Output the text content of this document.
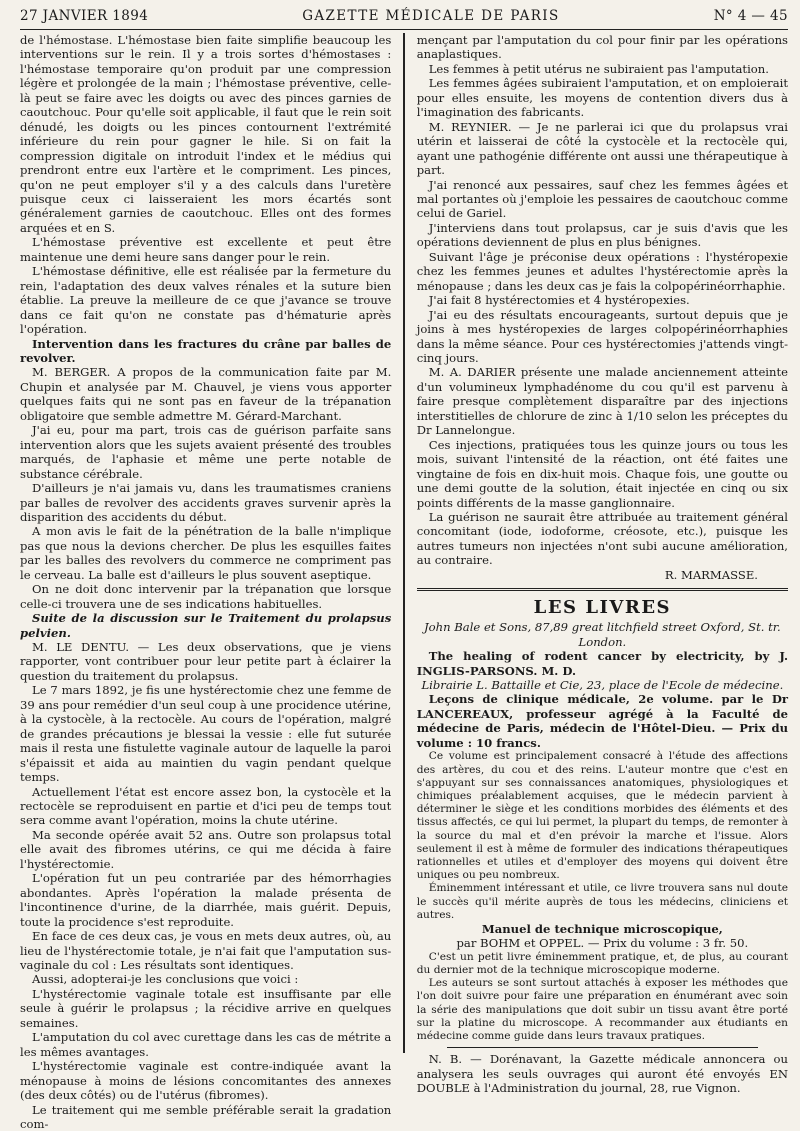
27 JANVIER 1894	GAZETTE MÉDICALE DE PARIS	N° 4 — 45

de l'hémostase. L'hémostase bien faite simplifie beaucoup les interventions sur le rein. Il y a trois sortes d'hémostases : l'hémostase temporaire qu'on produit par une compression légère et prolongée de la main ; l'hémostase préventive, celle-là peut se faire avec les doigts ou avec des pinces garnies de caoutchouc. Pour qu'elle soit applicable, il faut que le rein soit dénudé, les doigts ou les pinces contournent l'extrémité inférieure du rein pour gagner le hile. Si on fait la compression digitale on introduit l'index et le médius qui prendront entre eux l'artère et le compriment. Les pinces, qu'on ne peut employer s'il y a des calculs dans l'uretère puisque ceux ci laisseraient les mors écartés sont généralement garnies de caoutchouc. Elles ont des formes arquées et en S.

L'hémostase préventive est excellente et peut être maintenue une demi heure sans danger pour le rein.

L'hémostase définitive, elle est réalisée par la fermeture du rein, l'adaptation des deux valves rénales et la suture bien établie. La preuve la meilleure de ce que j'avance se trouve dans ce fait qu'on ne constate pas d'hématurie après l'opération.

Intervention dans les fractures du crâne par balles de revolver.

M. BERGER. A propos de la communication faite par M. Chupin et analysée par M. Chauvel, je viens vous apporter quelques faits qui ne sont pas en faveur de la trépanation obligatoire que semble admettre M. Gérard-Marchant.

J'ai eu, pour ma part, trois cas de guérison parfaite sans intervention alors que les sujets avaient présenté des troubles marqués, de l'aphasie et même une perte notable de substance cérébrale.

D'ailleurs je n'ai jamais vu, dans les traumatismes craniens par balles de revolver des accidents graves survenir après la disparition des accidents du début.

A mon avis le fait de la pénétration de la balle n'implique pas que nous la devions chercher. De plus les esquilles faites par les balles des revolvers du commerce ne compriment pas le cerveau. La balle est d'ailleurs le plus souvent aseptique.

On ne doit donc intervenir par la trépanation que lorsque celle-ci trouvera une de ses indications habituelles.

Suite de la discussion sur le Traitement du prolapsus pelvien.

M. LE DENTU. — Les deux observations, que je viens rapporter, vont contribuer pour leur petite part à éclairer la question du traitement du prolapsus.

Le 7 mars 1892, je fis une hystérectomie chez une femme de 39 ans pour remédier d'un seul coup à une procidence utérine, à la cystocèle, à la rectocèle. Au cours de l'opération, malgré de grandes précautions je blessai la vessie : elle fut suturée mais il resta une fistulette vaginale autour de laquelle la paroi s'épaissit et aida au maintien du vagin pendant quelque temps.

Actuellement l'état est encore assez bon, la cystocèle et la rectocèle se reproduisent en partie et d'ici peu de temps tout sera comme avant l'opération, moins la chute utérine.

Ma seconde opérée avait 52 ans. Outre son prolapsus total elle avait des fibromes utérins, ce qui me décida à faire l'hystérectomie.

L'opération fut un peu contrariée par des hémorrhagies abondantes. Après l'opération la malade présenta de l'incontinence d'urine, de la diarrhée, mais guérit. Depuis, toute la procidence s'est reproduite.

En face de ces deux cas, je vous en mets deux autres, où, au lieu de l'hystérectomie totale, je n'ai fait que l'amputation sus-vaginale du col : Les résultats sont identiques.

Aussi, adopterai-je les conclusions que voici :

L'hystérectomie vaginale totale est insuffisante par elle seule à guérir le prolapsus ; la récidive arrive en quelques semaines.

L'amputation du col avec curettage dans les cas de métrite a les mêmes avantages.

L'hystérectomie vaginale est contre-indiquée avant la ménopause à moins de lésions concomitantes des annexes (des deux côtés) ou de l'utérus (fibromes).

Le traitement qui me semble préférable serait la gradation com-

mençant par l'amputation du col pour finir par les opérations anaplastiques.

Les femmes à petit utérus ne subiraient pas l'amputation.

Les femmes âgées subiraient l'amputation, et on emploierait pour elles ensuite, les moyens de contention divers dus à l'imagination des fabricants.

M. REYNIER. — Je ne parlerai ici que du prolapsus vrai utérin et laisserai de côté la cystocèle et la rectocèle qui, ayant une pathogénie différente ont aussi une thérapeutique à part.

J'ai renoncé aux pessaires, sauf chez les femmes âgées et mal portantes où j'emploie les pessaires de caoutchouc comme celui de Gariel.

J'interviens dans tout prolapsus, car je suis d'avis que les opérations deviennent de plus en plus bénignes.

Suivant l'âge je préconise deux opérations : l'hystéropexie chez les femmes jeunes et adultes l'hystérectomie après la ménopause ; dans les deux cas je fais la colpopérinéorrhaphie.

J'ai fait 8 hystérectomies et 4 hystéropexies.

J'ai eu des résultats encourageants, surtout depuis que je joins à mes hystéropexies de larges colpopérinéorrhaphies dans la même séance. Pour ces hystérectomies j'attends vingt-cinq jours.

M. A. DARIER présente une malade anciennement atteinte d'un volumineux lymphadénome du cou qu'il est parvenu à faire presque complètement disparaître par des injections interstitielles de chlorure de zinc à 1/10 selon les préceptes du Dr Lannelongue.

Ces injections, pratiquées tous les quinze jours ou tous les mois, suivant l'intensité de la réaction, ont été faites une vingtaine de fois en dix-huit mois. Chaque fois, une goutte ou une demi goutte de la solution, était injectée en cinq ou six points différents de la masse ganglionnaire.

La guérison ne saurait être attribuée au traitement général concomitant (iode, iodoforme, créosote, etc.), puisque les autres tumeurs non injectées n'ont subi aucune amélioration, au contraire.

R. MARMASSE.

LES LIVRES

John Bale et Sons, 87,89 great litchfield street Oxford, St. tr. London.

The healing of rodent cancer by electricity, by J. INGLIS-PARSONS. M. D.

Librairie L. Battaille et Cie, 23, place de l'Ecole de médecine.

Leçons de clinique médicale, 2e volume. par le Dr LANCEREAUX, professeur agrégé à la Faculté de médecine de Paris, médecin de l'Hôtel-Dieu. — Prix du volume : 10 francs.

Ce volume est principalement consacré à l'étude des affections des artères, du cou et des reins. L'auteur montre que c'est en s'appuyant sur ses connaissances anatomiques, physiologiques et chimiques préalablement acquises, que le médecin parvient à déterminer le siège et les conditions morbides des éléments et des tissus affectés, ce qui lui permet, la plupart du temps, de remonter à la source du mal et d'en prévoir la marche et l'issue. Alors seulement il est à même de formuler des indications thérapeutiques rationnelles et utiles et d'employer des moyens qui doivent être uniques ou peu nombreux.

Éminemment intéressant et utile, ce livre trouvera sans nul doute le succès qu'il mérite auprès de tous les médecins, cliniciens et autres.

Manuel de technique microscopique,

par BOHM et OPPEL. — Prix du volume : 3 fr. 50.

C'est un petit livre éminemment pratique, et, de plus, au courant du dernier mot de la technique microscopique moderne.

Les auteurs se sont surtout attachés à exposer les méthodes que l'on doit suivre pour faire une préparation en énumérant avec soin la série des manipulations que doit subir un tissu avant être porté sur la platine du microscope. A recommander aux étudiants en médecine comme guide dans leurs travaux pratiques.

N. B. — Dorénavant, la Gazette médicale annoncera ou analysera les seuls ouvrages qui auront été envoyés EN DOUBLE à l'Administration du journal, 28, rue Vignon.
